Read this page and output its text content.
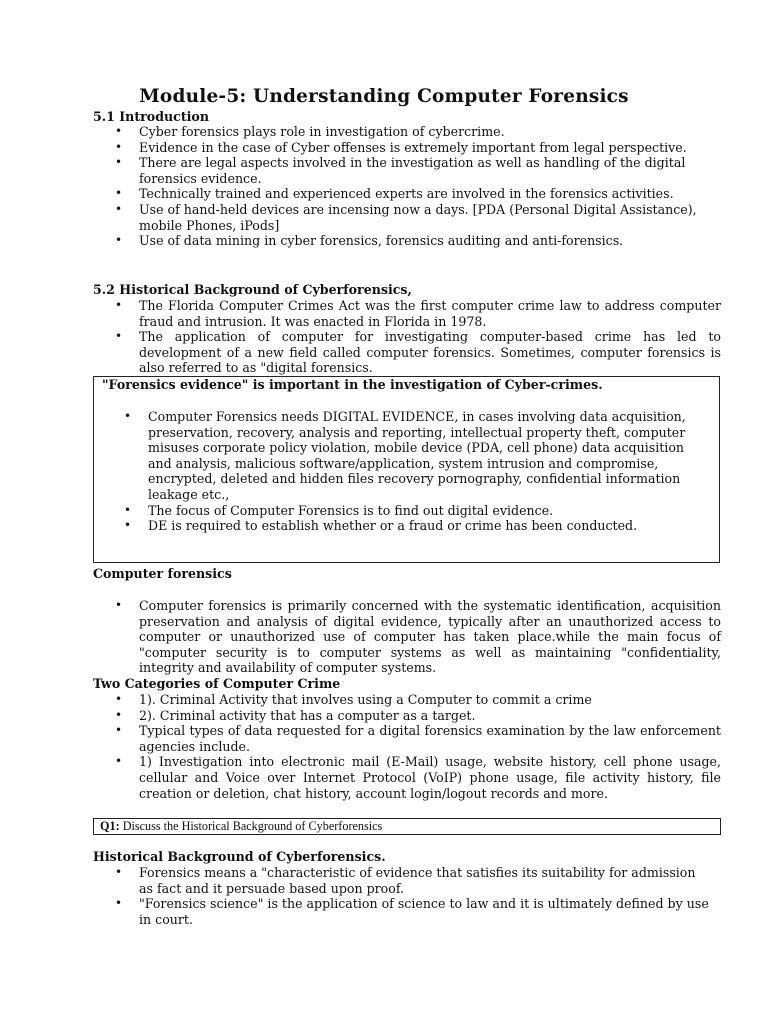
Module-5: Understanding Computer Forensics
5.1 Introduction
• Cyber forensics plays role in investigation of cybercrime.
• Evidence in the case of Cyber offenses is extremely important from legal perspective.
• There are legal aspects involved in the investigation as well as handling of the digital forensics evidence.
• Technically trained and experienced experts are involved in the forensics activities.
• Use of hand-held devices are incensing now a days. [PDA (Personal Digital Assistance), mobile Phones, iPods]
• Use of data mining in cyber forensics, forensics auditing and anti-forensics.
5.2 Historical Background of Cyberforensics,
• The Florida Computer Crimes Act was the first computer crime law to address computer fraud and intrusion. It was enacted in Florida in 1978.
• The application of computer for investigating computer-based crime has led to development of a new field called computer forensics. Sometimes, computer forensics is also referred to as "digital forensics.
"Forensics evidence" is important in the investigation of Cyber-crimes.
• Computer Forensics needs DIGITAL EVIDENCE, in cases involving data acquisition, preservation, recovery, analysis and reporting, intellectual property theft, computer misuses corporate policy violation, mobile device (PDA, cell phone) data acquisition and analysis, malicious software/application, system intrusion and compromise, encrypted, deleted and hidden files recovery pornography, confidential information leakage etc.,
• The focus of Computer Forensics is to find out digital evidence.
• DE is required to establish whether or a fraud or crime has been conducted.
Computer forensics
• Computer forensics is primarily concerned with the systematic identification, acquisition preservation and analysis of digital evidence, typically after an unauthorized access to computer or unauthorized use of computer has taken place.while the main focus of "computer security is to computer systems as well as maintaining "confidentiality, integrity and availability of computer systems.
Two Categories of Computer Crime
• 1). Criminal Activity that involves using a Computer to commit a crime
• 2). Criminal activity that has a computer as a target.
• Typical types of data requested for a digital forensics examination by the law enforcement agencies include.
• 1) Investigation into electronic mail (E-Mail) usage, website history, cell phone usage, cellular and Voice over Internet Protocol (VoIP) phone usage, file activity history, file creation or deletion, chat history, account login/logout records and more.
Q1: Discuss the Historical Background of Cyberforensics
Historical Background of Cyberforensics.
• Forensics means a "characteristic of evidence that satisfies its suitability for admission as fact and it persuade based upon proof.
• "Forensics science" is the application of science to law and it is ultimately defined by use in court.
